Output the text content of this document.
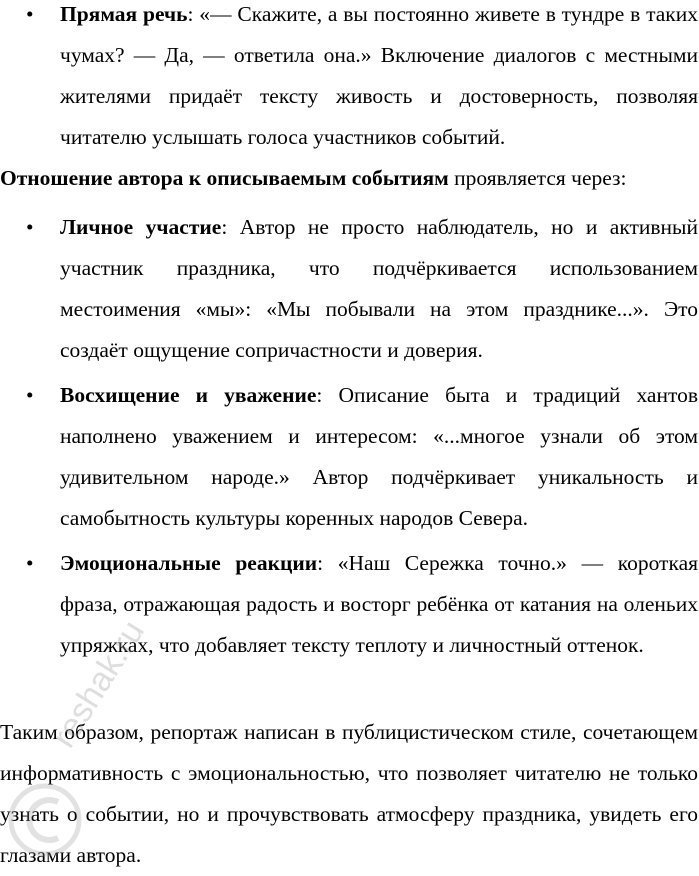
• Прямая речь: «— Скажите, а вы постоянно живете в тундре в таких чумах? — Да, — ответила она.» Включение диалогов с местными жителями придаёт тексту живость и достоверность, позволяя читателю услышать голоса участников событий.
Отношение автора к описываемым событиям проявляется через:
• Личное участие: Автор не просто наблюдатель, но и активный участник праздника, что подчёркивается использованием местоимения «мы»: «Мы побывали на этом празднике...». Это создаёт ощущение сопричастности и доверия.
• Восхищение и уважение: Описание быта и традиций хантов наполнено уважением и интересом: «...многое узнали об этом удивительном народе.» Автор подчёркивает уникальность и самобытность культуры коренных народов Севера.
• Эмоциональные реакции: «Наш Сережка точно.» — короткая фраза, отражающая радость и восторг ребёнка от катания на оленьих упряжках, что добавляет тексту теплоту и личностный оттенок.
Таким образом, репортаж написан в публицистическом стиле, сочетающем информативность с эмоциональностью, что позволяет читателю не только узнать о событии, но и прочувствовать атмосферу праздника, увидеть его глазами автора.
reshak.ru
